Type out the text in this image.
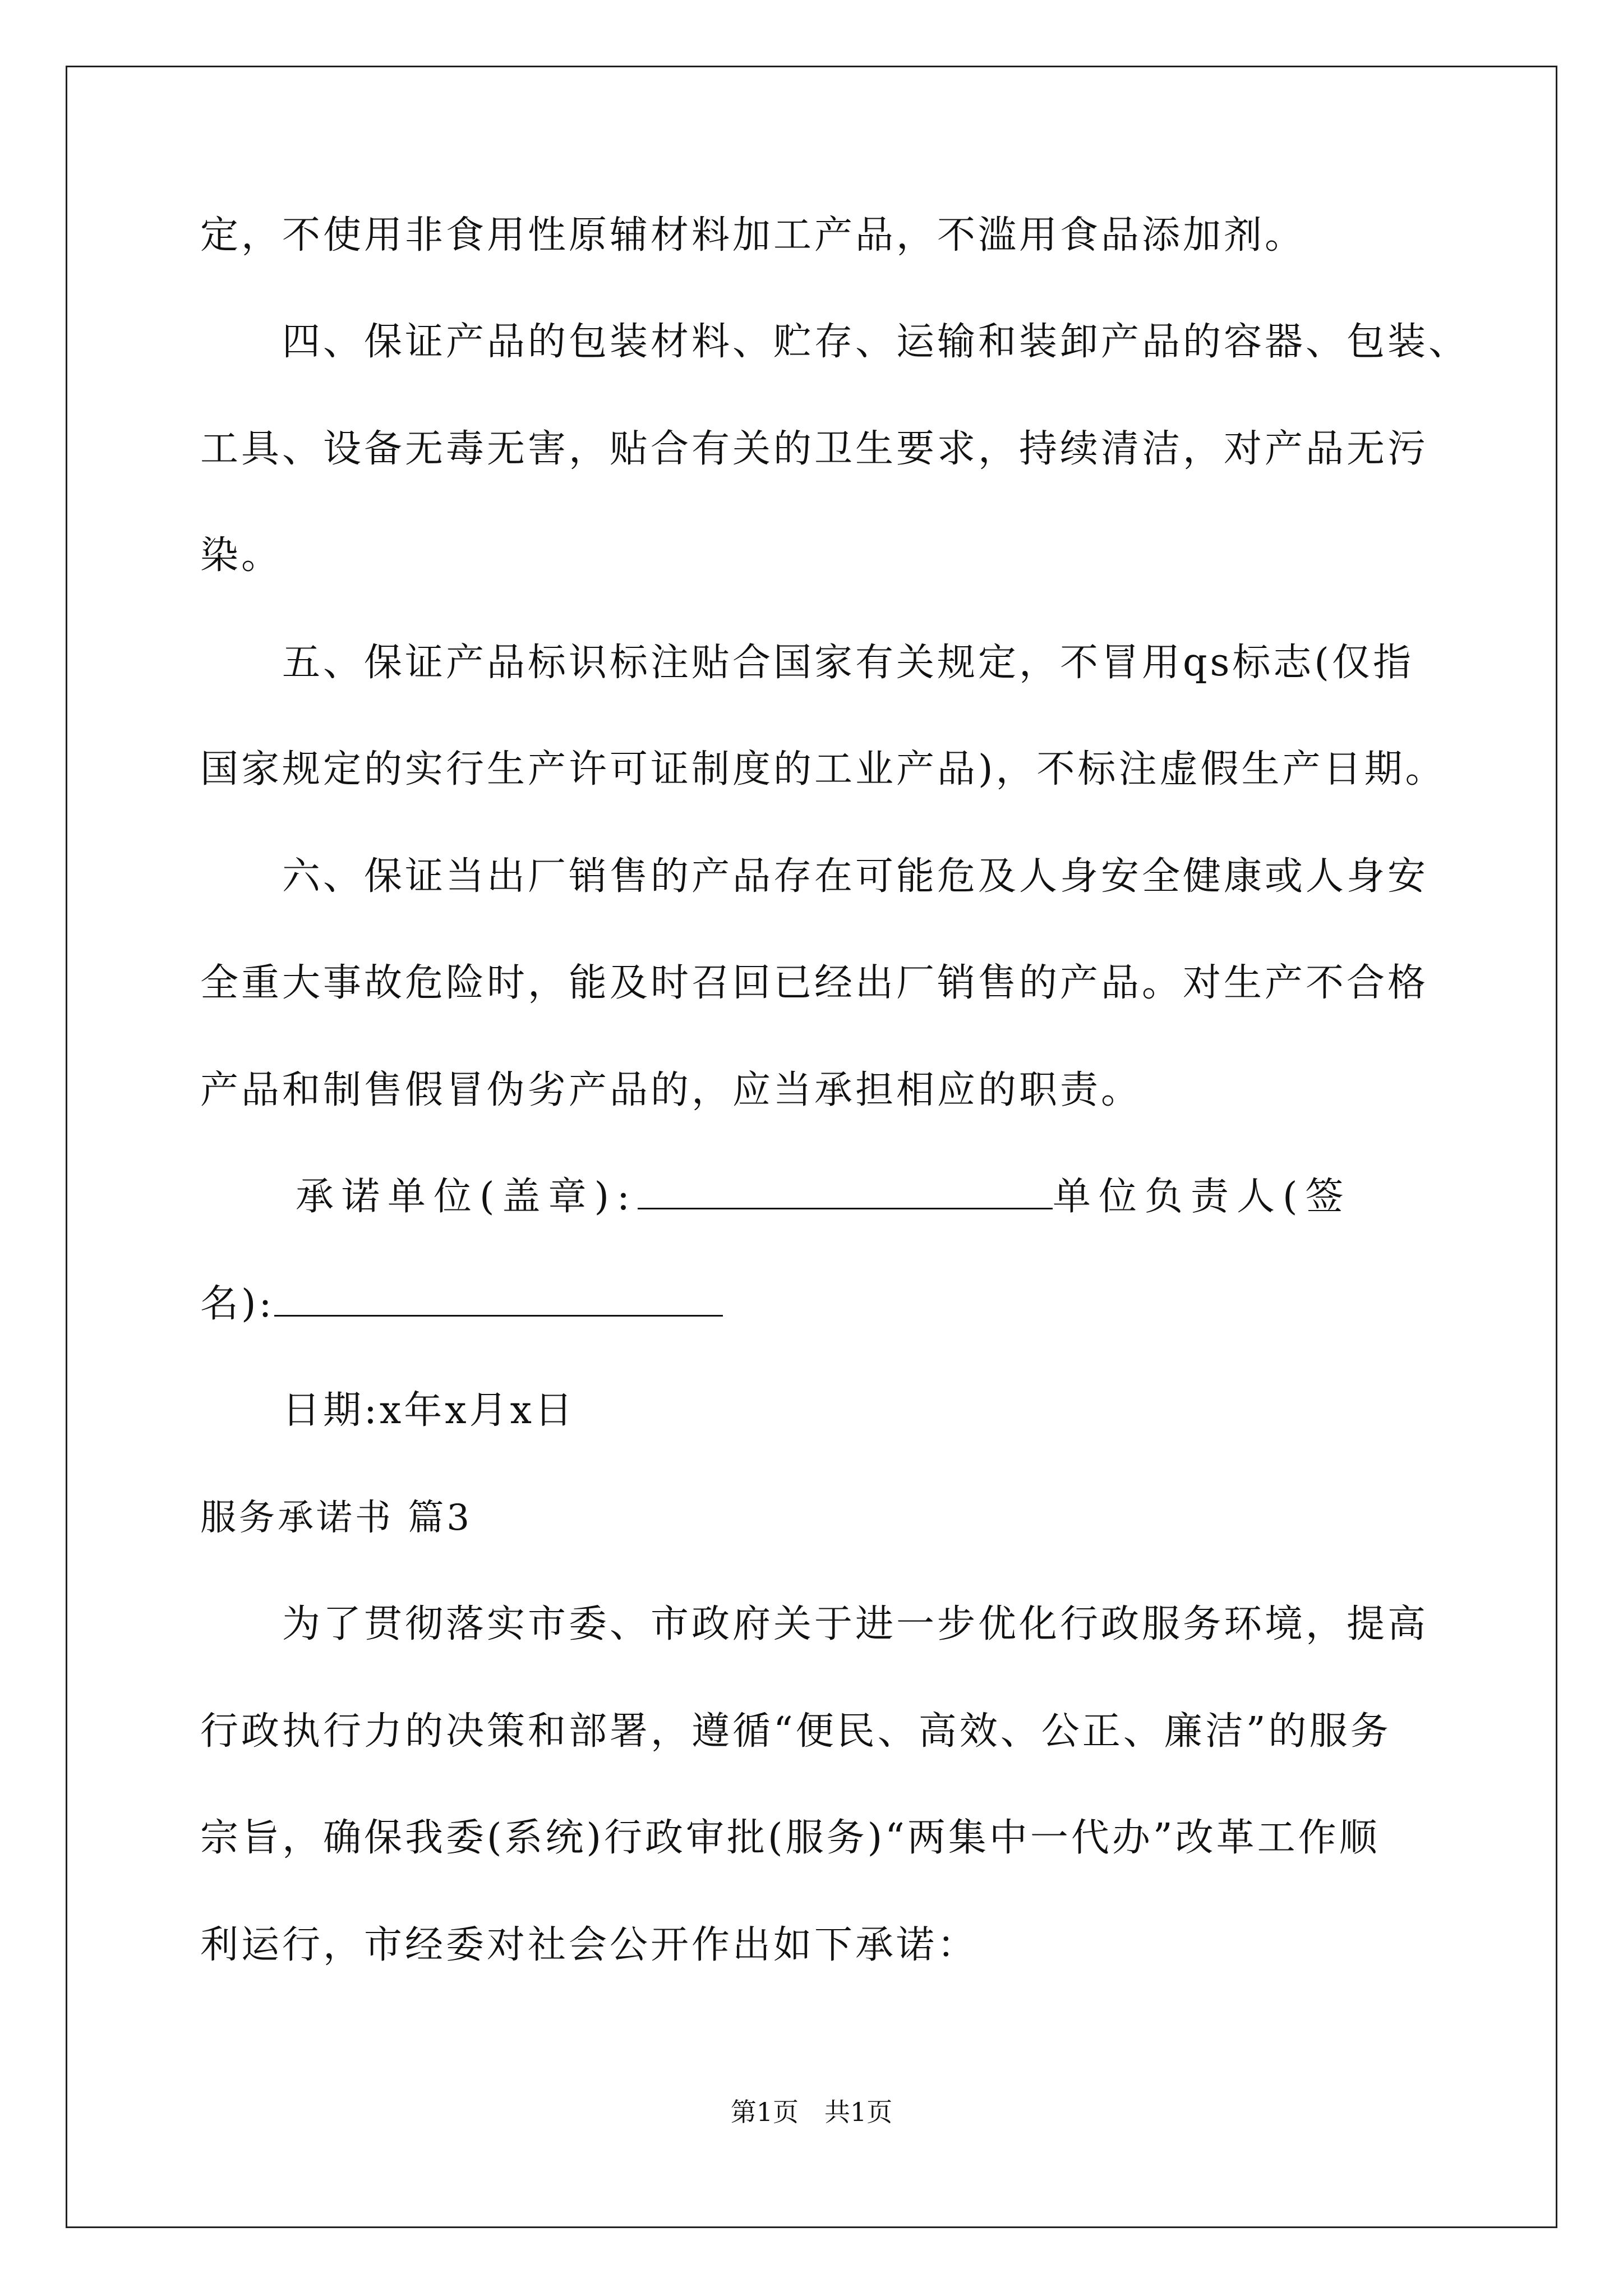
定，不使用非食用性原辅材料加工产品，不滥用食品添加剂。
四、保证产品的包装材料、贮存、运输和装卸产品的容器、包装、
工具、设备无毒无害，贴合有关的卫生要求，持续清洁，对产品无污
染。
五、保证产品标识标注贴合国家有关规定，不冒用qs标志(仅指
国家规定的实行生产许可证制度的工业产品)，不标注虚假生产日期。
六、保证当出厂销售的产品存在可能危及人身安全健康或人身安
全重大事故危险时，能及时召回已经出厂销售的产品。对生产不合格
产品和制售假冒伪劣产品的，应当承担相应的职责。
承诺单位(盖章):	单位负责人(签
名):
日期:x年x月x日
服务承诺书 篇3
为了贯彻落实市委、市政府关于进一步优化行政服务环境，提高
行政执行力的决策和部署，遵循“便民、高效、公正、廉洁”的服务
宗旨，确保我委(系统)行政审批(服务)“两集中一代办”改革工作顺
利运行，市经委对社会公开作出如下承诺：
第1页　共1页
